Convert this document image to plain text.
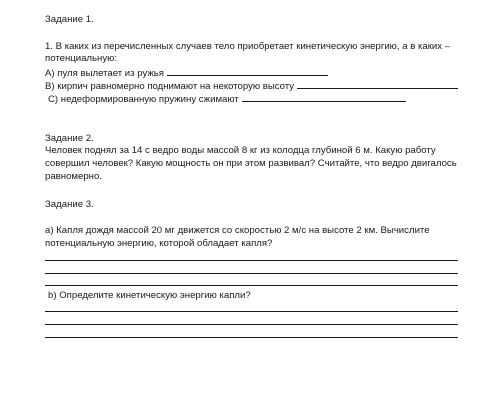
Задание 1.
1. В каких из перечисленных случаев тело приобретает кинетическую энергию, а в каких –
потенциальную:
А) пуля вылетает из ружья
В) кирпич равномерно поднимают на некоторую высоту
С) недеформированную пружину сжимают
Задание 2.
Человек поднял за 14 с ведро воды массой 8 кг из колодца глубиной 6 м. Какую работу
совершил человек? Какую мощность он при этом развивал? Считайте, что ведро двигалось
равномерно.
Задание 3.
а) Капля дождя массой 20 мг движется со скоростью 2 м/с на высоте 2 км. Вычислите
потенциальную энергию, которой обладает капля?
b) Определите кинетическую энергию капли?
